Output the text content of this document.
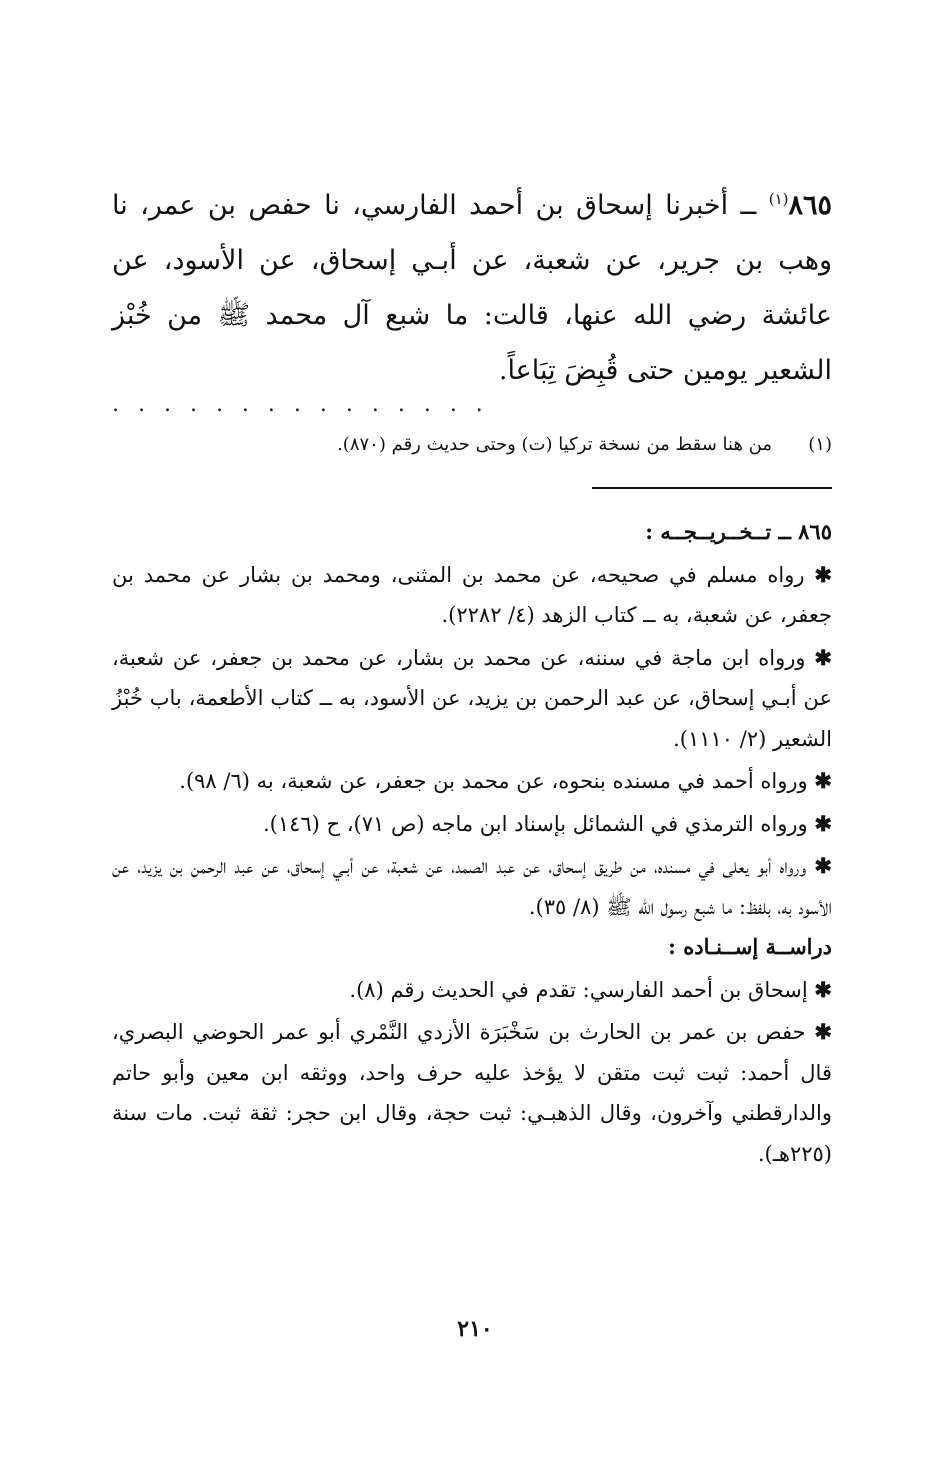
٨٦٥$^{(١)}$ ــ أخبرنا إسحاق بن أحمد الفارسي، نا حفص بن عمر، نا وهب بن جرير، عن شعبة، عن أبـي إسحاق، عن الأسود، عن عائشة رضي الله عنها، قالت: ما شبع آل محمد ﷺ من خُبْز الشعير يومين حتى قُبِضَ تِبَاعاً.
. . . . . . . . . . . . . . .
(١)من هنا سقط من نسخة تركيا (ت) وحتى حديث رقم (٨٧٠).

٨٦٥ ــ تــخــريــجــه :

✱ رواه مسلم في صحيحه، عن محمد بن المثنى، ومحمد بن بشار عن محمد بن جعفر، عن شعبة، به ــ كتاب الزهد (٤/ ٢٢٨٢).

✱ ورواه ابن ماجة في سننه، عن محمد بن بشار، عن محمد بن جعفر، عن شعبة، عن أبـي إسحاق، عن عبد الرحمن بن يزيد، عن الأسود، به ــ كتاب الأطعمة، باب خُبْزُ الشعير (٢/ ١١١٠).

✱ ورواه أحمد في مسنده بنحوه، عن محمد بن جعفر، عن شعبة، به (٦/ ٩٨).

✱ ورواه الترمذي في الشمائل بإسناد ابن ماجه (ص ٧١)، ح (١٤٦).

✱ ورواه أبو يعلى في مسنده، من طريق إسحاق، عن عبد الصمد، عن شعبة، عن أبـي إسحاق، عن عبد الرحمن بن يزيد، عن الأسود به، بلفظ: ما شبع رسول الله ﷺ (٨/ ٣٥).

دراســة إســنـاده :

✱ إسحاق بن أحمد الفارسي: تقدم في الحديث رقم (٨).

✱ حفص بن عمر بن الحارث بن سَخْبَرَة الأزدي النَّمْري أبو عمر الحوضي البصري، قال أحمد: ثبت ثبت متقن لا يؤخذ عليه حرف واحد، ووثقه ابن معين وأبو حاتم والدارقطني وآخرون، وقال الذهبـي: ثبت حجة، وقال ابن حجر: ثقة ثبت. مات سنة (٢٢٥هـ).

٢١٠
